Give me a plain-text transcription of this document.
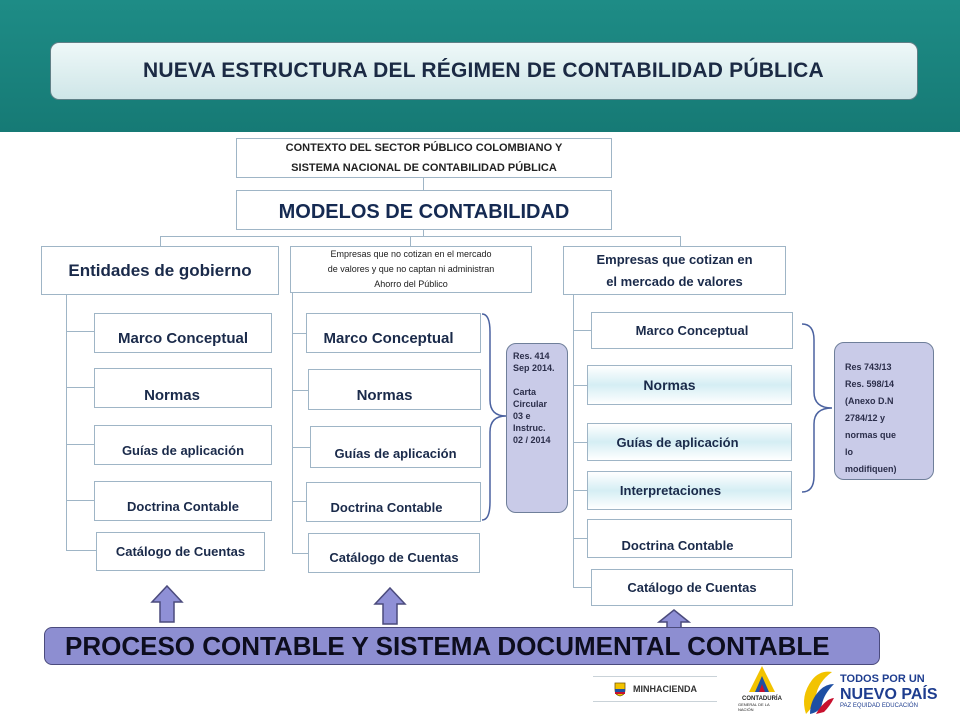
NUEVA ESTRUCTURA DEL RÉGIMEN DE CONTABILIDAD PÚBLICA
CONTEXTO DEL SECTOR PÚBLICO COLOMBIANO Y
SISTEMA NACIONAL DE CONTABILIDAD PÚBLICA
MODELOS DE CONTABILIDAD
Entidades de gobierno
Empresas que no cotizan en el mercado
de valores y que no captan ni administran
Ahorro del Público
Empresas que cotizan en
el mercado de valores
Marco Conceptual
Normas
Guías de aplicación
Doctrina Contable
Catálogo de Cuentas
Marco Conceptual
Normas
Guías de aplicación
Doctrina Contable
Catálogo de Cuentas
Marco Conceptual
Normas
Guías de aplicación
Interpretaciones
Doctrina Contable
Catálogo de Cuentas
Res. 414
Sep 2014.

Carta
Circular
03 e
Instruc.
02 / 2014
Res 743/13
Res. 598/14
(Anexo D.N
2784/12 y
normas que
lo
modifiquen)
PROCESO CONTABLE Y SISTEMA DOCUMENTAL CONTABLE
MINHACIENDA
CONTADURÍA
GENERAL DE LA NACIÓN
TODOS POR UN
NUEVO PAÍS
PAZ EQUIDAD EDUCACIÓN
